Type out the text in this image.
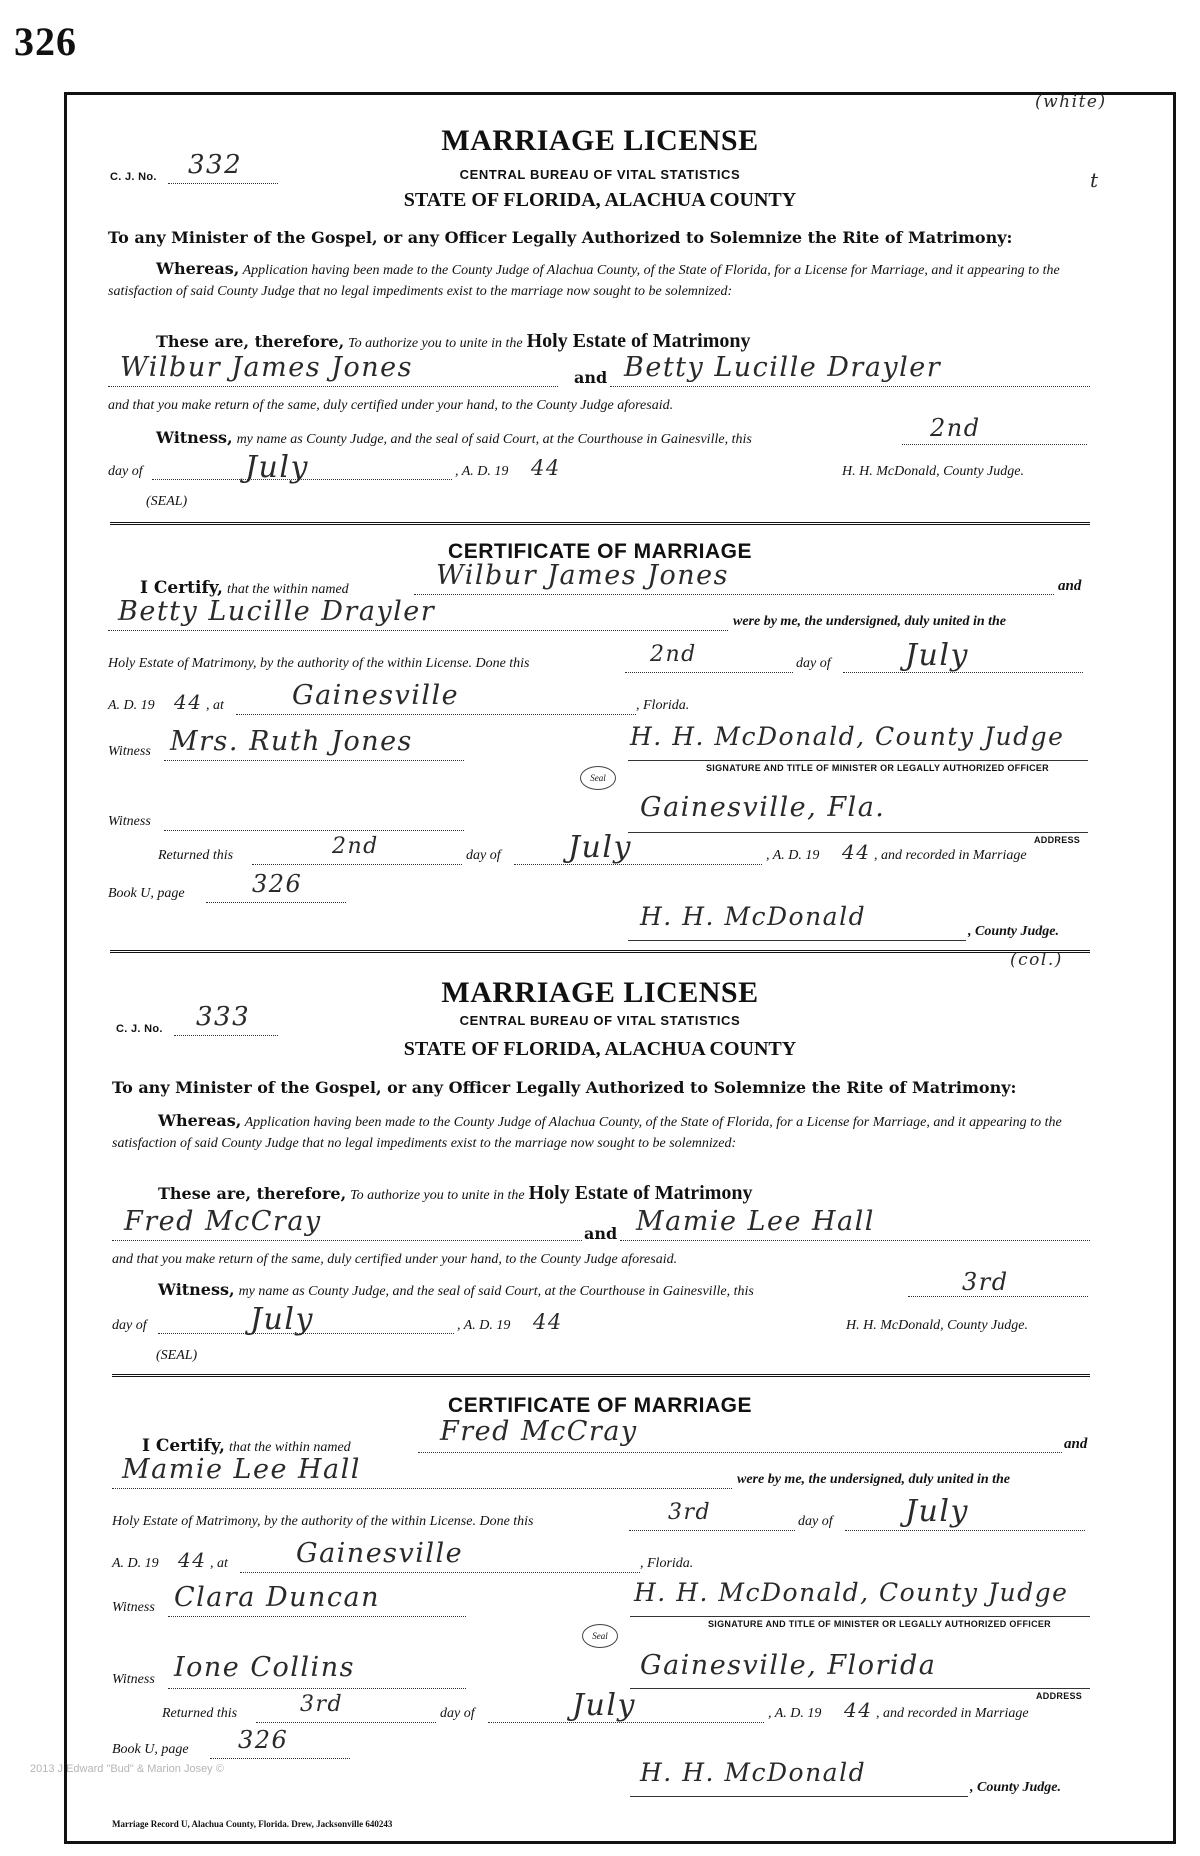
326
(white)
t
MARRIAGE LICENSE
C. J. No. 332	CENTRAL BUREAU OF VITAL STATISTICS
STATE OF FLORIDA, ALACHUA COUNTY
To any Minister of the Gospel, or any Officer Legally Authorized to Solemnize the Rite of Matrimony:
Whereas, Application having been made to the County Judge of Alachua County, of the State of Florida, for a License for Marriage, and it appearing to the satisfaction of said County Judge that no legal impediments exist to the marriage now sought to be solemnized:
These are, therefore, To authorize you to unite in the Holy Estate of Matrimony
Wilbur James Jones	and Betty Lucille Drayler
and that you make return of the same, duly certified under your hand, to the County Judge aforesaid.
Witness, my name as County Judge, and the seal of said Court, at the Courthouse in Gainesville, this	2nd
day of	July	, A. D. 19 44	H. H. McDonald, County Judge.
(SEAL)
CERTIFICATE OF MARRIAGE
I Certify, that the within named	Wilbur James Jones	and
Betty Lucille Drayler	were by me, the undersigned, duly united in the
Holy Estate of Matrimony, by the authority of the within License. Done this	2nd	day of July
A. D. 19 44 , at	Gainesville	, Florida.
Witness Mrs. Ruth Jones	H. H. McDonald, County Judge
SIGNATURE AND TITLE OF MINISTER OR LEGALLY AUTHORIZED OFFICER
Seal
Witness	Gainesville, Fla.
ADDRESS
Returned this	2nd	day of July	, A. D. 19 44 , and recorded in Marriage
Book U, page	326
H. H. McDonald
, County Judge.
(col.)
MARRIAGE LICENSE
C. J. No. 333	CENTRAL BUREAU OF VITAL STATISTICS
STATE OF FLORIDA, ALACHUA COUNTY
To any Minister of the Gospel, or any Officer Legally Authorized to Solemnize the Rite of Matrimony:
Whereas, Application having been made to the County Judge of Alachua County, of the State of Florida, for a License for Marriage, and it appearing to the satisfaction of said County Judge that no legal impediments exist to the marriage now sought to be solemnized:
These are, therefore, To authorize you to unite in the Holy Estate of Matrimony
Fred McCray	and Mamie Lee Hall
and that you make return of the same, duly certified under your hand, to the County Judge aforesaid.
Witness, my name as County Judge, and the seal of said Court, at the Courthouse in Gainesville, this	3rd
day of	July	, A. D. 19 44	H. H. McDonald, County Judge.
(SEAL)
CERTIFICATE OF MARRIAGE
I Certify, that the within named
Fred McCray	and
Mamie Lee Hall	were by me, the undersigned, duly united in the
Holy Estate of Matrimony, by the authority of the within License. Done this	3rd	day of July
A. D. 19 44 , at	Gainesville	, Florida.
Witness Clara Duncan	H. H. McDonald, County Judge
SIGNATURE AND TITLE OF MINISTER OR LEGALLY AUTHORIZED OFFICER
Seal
Witness Ione Collins	Gainesville, Florida
ADDRESS
Returned this	3rd	day of	July	, A. D. 19 44 , and recorded in Marriage
Book U, page 326
H. H. McDonald
, County Judge.
2013 J Edward "Bud" & Marion Josey ©
Marriage Record U, Alachua County, Florida. Drew, Jacksonville 640243
